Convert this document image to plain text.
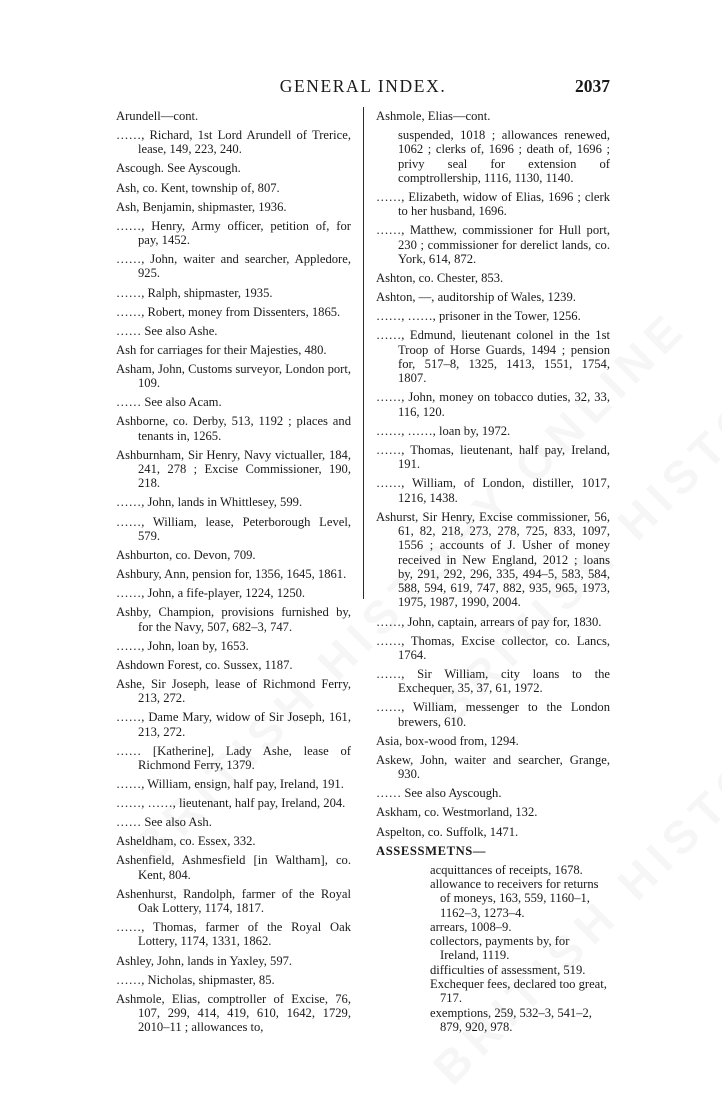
GENERAL INDEX.	2037
Arundell—cont.
……, Richard, 1st Lord Arundell of Trerice, lease, 149, 223, 240.
Ascough. See Ayscough.
Ash, co. Kent, township of, 807.
Ash, Benjamin, shipmaster, 1936.
……, Henry, Army officer, petition of, for pay, 1452.
……, John, waiter and searcher, Appledore, 925.
……, Ralph, shipmaster, 1935.
……, Robert, money from Dissenters, 1865.
…… See also Ashe.
Ash for carriages for their Majesties, 480.
Asham, John, Customs surveyor, London port, 109.
…… See also Acam.
Ashborne, co. Derby, 513, 1192 ; places and tenants in, 1265.
Ashburnham, Sir Henry, Navy victualler, 184, 241, 278 ; Excise Commissioner, 190, 218.
……, John, lands in Whittlesey, 599.
……, William, lease, Peterborough Level, 579.
Ashburton, co. Devon, 709.
Ashbury, Ann, pension for, 1356, 1645, 1861.
……, John, a fife-player, 1224, 1250.
Ashby, Champion, provisions furnished by, for the Navy, 507, 682–3, 747.
……, John, loan by, 1653.
Ashdown Forest, co. Sussex, 1187.
Ashe, Sir Joseph, lease of Richmond Ferry, 213, 272.
……, Dame Mary, widow of Sir Joseph, 161, 213, 272.
…… [Katherine], Lady Ashe, lease of Richmond Ferry, 1379.
……, William, ensign, half pay, Ireland, 191.
……, ……, lieutenant, half pay, Ireland, 204.
…… See also Ash.
Asheldham, co. Essex, 332.
Ashenfield, Ashmesfield [in Waltham], co. Kent, 804.
Ashenhurst, Randolph, farmer of the Royal Oak Lottery, 1174, 1817.
……, Thomas, farmer of the Royal Oak Lottery, 1174, 1331, 1862.
Ashley, John, lands in Yaxley, 597.
……, Nicholas, shipmaster, 85.
Ashmole, Elias, comptroller of Excise, 76, 107, 299, 414, 419, 610, 1642, 1729, 2010–11 ; allowances to,
Ashmole, Elias—cont.
suspended, 1018 ; allowances renewed, 1062 ; clerks of, 1696 ; death of, 1696 ; privy seal for extension of comptrollership, 1116, 1130, 1140.
……, Elizabeth, widow of Elias, 1696 ; clerk to her husband, 1696.
……, Matthew, commissioner for Hull port, 230 ; commissioner for derelict lands, co. York, 614, 872.
Ashton, co. Chester, 853.
Ashton, —, auditorship of Wales, 1239.
……, ……, prisoner in the Tower, 1256.
……, Edmund, lieutenant colonel in the 1st Troop of Horse Guards, 1494 ; pension for, 517–8, 1325, 1413, 1551, 1754, 1807.
……, John, money on tobacco duties, 32, 33, 116, 120.
……, ……, loan by, 1972.
……, Thomas, lieutenant, half pay, Ireland, 191.
……, William, of London, distiller, 1017, 1216, 1438.
Ashurst, Sir Henry, Excise commissioner, 56, 61, 82, 218, 273, 278, 725, 833, 1097, 1556 ; accounts of J. Usher of money received in New England, 2012 ; loans by, 291, 292, 296, 335, 494–5, 583, 584, 588, 594, 619, 747, 882, 935, 965, 1973, 1975, 1987, 1990, 2004.
……, John, captain, arrears of pay for, 1830.
……, Thomas, Excise collector, co. Lancs, 1764.
……, Sir William, city loans to the Exchequer, 35, 37, 61, 1972.
……, William, messenger to the London brewers, 610.
Asia, box-wood from, 1294.
Askew, John, waiter and searcher, Grange, 930.
…… See also Ayscough.
Askham, co. Westmorland, 132.
Aspelton, co. Suffolk, 1471.
ASSESSMETNS—
acquittances of receipts, 1678.
allowance to receivers for returns of moneys, 163, 559, 1160–1, 1162–3, 1273–4.
arrears, 1008–9.
collectors, payments by, for Ireland, 1119.
difficulties of assessment, 519.
Exchequer fees, declared too great, 717.
exemptions, 259, 532–3, 541–2, 879, 920, 978.
